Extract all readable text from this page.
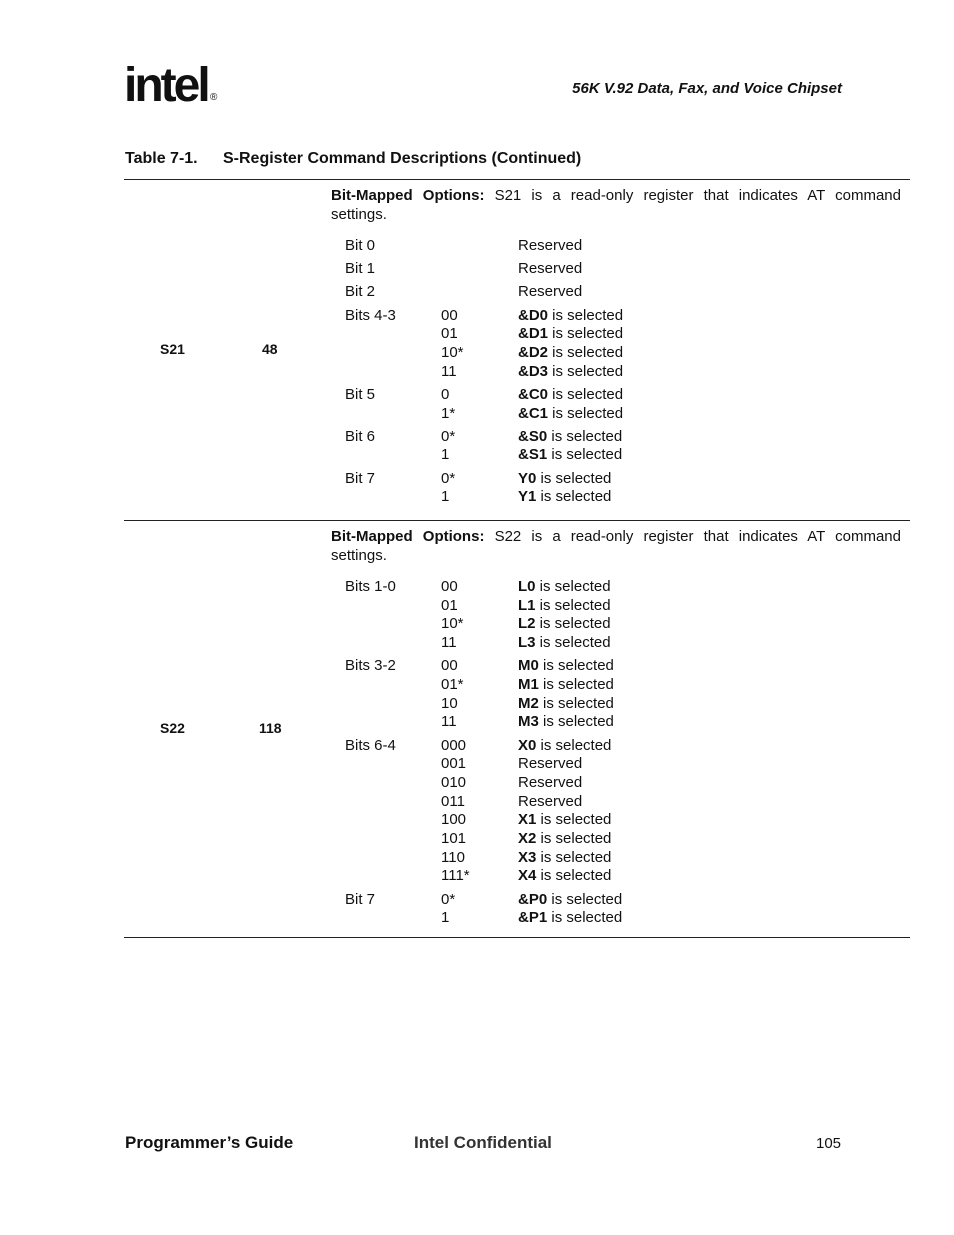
intel ®
56K V.92 Data, Fax, and Voice Chipset
Table 7-1. S-Register Command Descriptions (Continued)
S21	48
Bit-Mapped Options: S21 is a read-only register that indicates AT command settings.
Bit 0	Reserved
Bit 1	Reserved
Bit 2	Reserved
Bits 4-3	00	&D0 is selected
01	&D1 is selected
10*	&D2 is selected
11	&D3 is selected
Bit 5	0	&C0 is selected
1*	&C1 is selected
Bit 6	0*	&S0 is selected
1	&S1 is selected
Bit 7	0*	Y0 is selected
1	Y1 is selected
S22	118
Bit-Mapped Options: S22 is a read-only register that indicates AT command settings.
Bits 1-0	00	L0 is selected
01	L1 is selected
10*	L2 is selected
11	L3 is selected
Bits 3-2	00	M0 is selected
01*	M1 is selected
10	M2 is selected
11	M3 is selected
Bits 6-4	000	X0 is selected
001	Reserved
010	Reserved
011	Reserved
100	X1 is selected
101	X2 is selected
110	X3 is selected
111*	X4 is selected
Bit 7	0*	&P0 is selected
1	&P1 is selected
Programmer’s Guide	Intel Confidential	105
